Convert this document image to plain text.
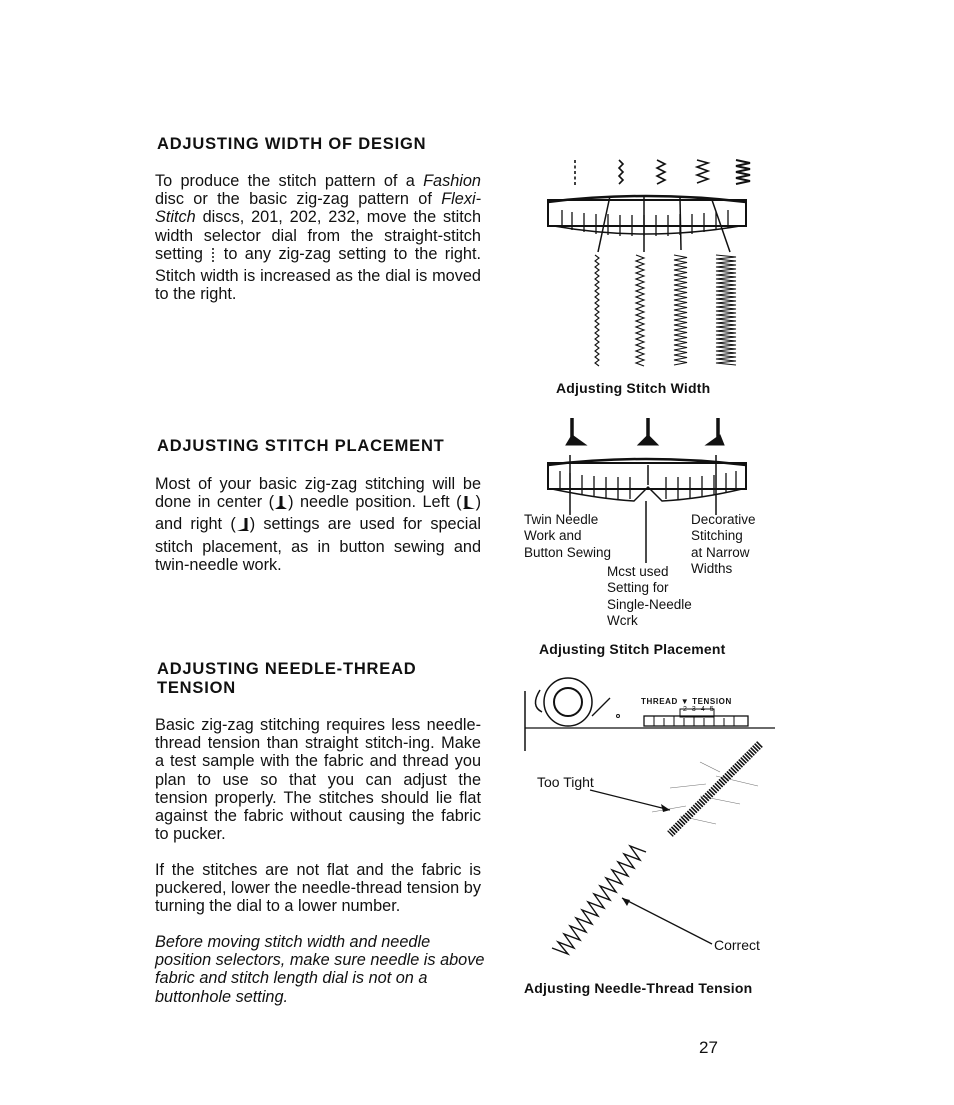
ADJUSTING WIDTH OF DESIGN

To produce the stitch pattern of a Fashion disc or the basic zig-zag pattern of Flexi-Stitch discs, 201, 202, 232, move the stitch width selector dial from the straight-stitch setting  to any zig-zag setting to the right. Stitch width is increased as the dial is moved to the right.

Adjusting Stitch Width
ADJUSTING STITCH PLACEMENT

Most of your basic zig-zag stitching will be done in center ( ) needle position. Left ( ) and right ( ) settings are used for special stitch placement, as in button sewing and twin-needle work.

Twin Needle
Work and
Button Sewing
Decorative
Stitching
at Narrow
Widths
Mcst used
Setting for
Single-Needle
Wcrk
Adjusting Stitch Placement
ADJUSTING NEEDLE-THREAD
TENSION

Basic zig-zag stitching requires less needle-thread tension than straight stitch-ing. Make a test sample with the fabric and thread you plan to use so that you can adjust the tension properly. The stitches should lie flat against the fabric without causing the fabric to pucker.

If the stitches are not flat and the fabric is puckered, lower the needle-thread tension by turning the dial to a lower number.

Before moving stitch width and needle position selectors, make sure needle is above fabric and stitch length dial is not on a buttonhole setting.

THREAD ▼ TENSION
2 3 4 5
Too Tight
Correct
Adjusting Needle-Thread Tension
27
